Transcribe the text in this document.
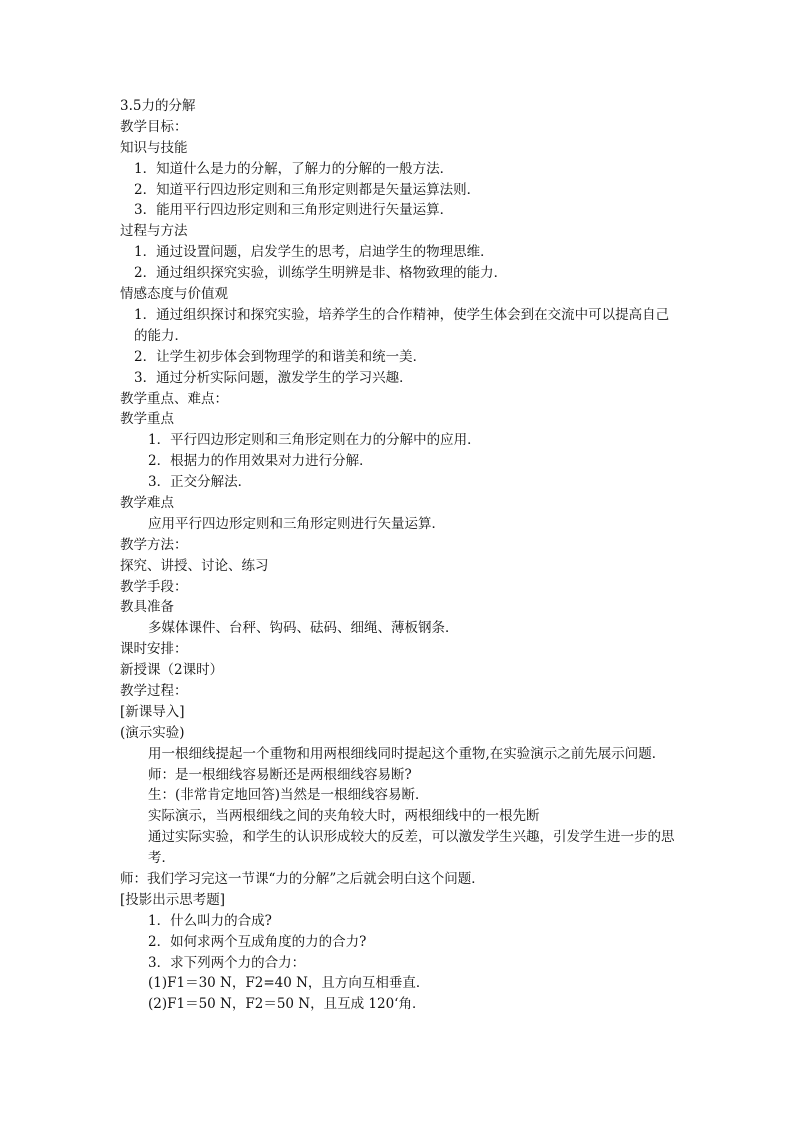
3.5力的分解
教学目标：
知识与技能
1．知道什么是力的分解，了解力的分解的一般方法．
2．知道平行四边形定则和三角形定则都是矢量运算法则．
3．能用平行四边形定则和三角形定则进行矢量运算．
过程与方法
1．通过设置问题，启发学生的思考，启迪学生的物理思维．
2．通过组织探究实验，训练学生明辨是非、格物致理的能力．
情感态度与价值观
1．通过组织探讨和探究实验，培养学生的合作精神，使学生体会到在交流中可以提高自己的能力．
2．让学生初步体会到物理学的和谐美和统一美．
3．通过分析实际问题，激发学生的学习兴趣．
教学重点、难点：
教学重点
1．平行四边形定则和三角形定则在力的分解中的应用．
2．根据力的作用效果对力进行分解．
3．正交分解法．
教学难点
应用平行四边形定则和三角形定则进行矢量运算．
教学方法：
探究、讲授、讨论、练习
教学手段：
教具准备
多媒体课件、台秤、钩码、砝码、细绳、薄板钢条．
课时安排：
新授课（2课时）
教学过程：
[新课导入]
(演示实验)
用一根细线提起一个重物和用两根细线同时提起这个重物,在实验演示之前先展示问题．
师：是一根细线容易断还是两根细线容易断?
生：(非常肯定地回答)当然是一根细线容易断．
实际演示，当两根细线之间的夹角较大时，两根细线中的一根先断
通过实际实验，和学生的认识形成较大的反差，可以激发学生兴趣，引发学生进一步的思考．
师：我们学习完这一节课“力的分解”之后就会明白这个问题．
[投影出示思考题]
1．什么叫力的合成?
2．如何求两个互成角度的力的合力?
3．求下列两个力的合力：
(1)F1＝30 N，F2=40 N，且方向互相垂直．
(2)F1＝50 N，F2＝50 N，且互成 120‘角．
